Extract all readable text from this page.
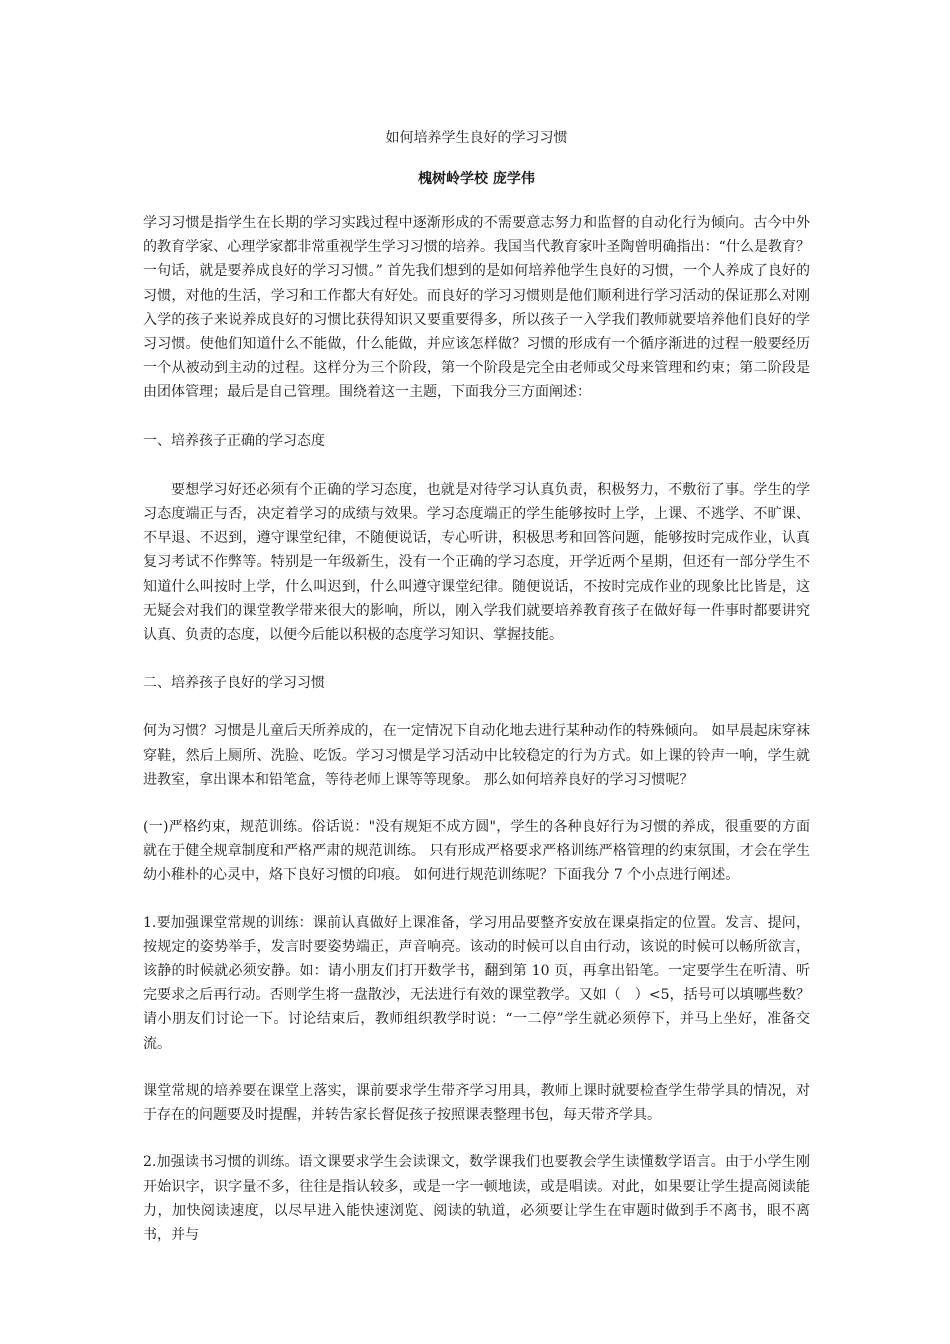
如何培养学生良好的学习习惯

槐树岭学校 庞学伟

学习习惯是指学生在长期的学习实践过程中逐渐形成的不需要意志努力和监督的自动化行为倾向。古今中外的教育学家、心理学家都非常重视学生学习习惯的培养。我国当代教育家叶圣陶曾明确指出：“什么是教育？一句话，就是要养成良好的学习习惯。” 首先我们想到的是如何培养他学生良好的习惯，一个人养成了良好的习惯，对他的生活，学习和工作都大有好处。而良好的学习习惯则是他们顺利进行学习活动的保证那么对刚入学的孩子来说养成良好的习惯比获得知识又要重要得多，所以孩子一入学我们教师就要培养他们良好的学习习惯。使他们知道什么不能做，什么能做，并应该怎样做？习惯的形成有一个循序渐进的过程一般要经历一个从被动到主动的过程。这样分为三个阶段，第一个阶段是完全由老师或父母来管理和约束；第二阶段是由团体管理；最后是自己管理。围绕着这一主题，下面我分三方面阐述：

一、培养孩子正确的学习态度

要想学习好还必须有个正确的学习态度，也就是对待学习认真负责，积极努力，不敷衍了事。学生的学习态度端正与否，决定着学习的成绩与效果。学习态度端正的学生能够按时上学，上课、不逃学、不旷课、不早退、不迟到，遵守课堂纪律，不随便说话，专心听讲，积极思考和回答问题，能够按时完成作业，认真复习考试不作弊等。特别是一年级新生，没有一个正确的学习态度，开学近两个星期，但还有一部分学生不知道什么叫按时上学，什么叫迟到，什么叫遵守课堂纪律。随便说话，不按时完成作业的现象比比皆是，这无疑会对我们的课堂教学带来很大的影响，所以，刚入学我们就要培养教育孩子在做好每一件事时都要讲究认真、负责的态度，以便今后能以积极的态度学习知识、掌握技能。

二、培养孩子良好的学习习惯

何为习惯？习惯是儿童后天所养成的，在一定情况下自动化地去进行某种动作的特殊倾向。 如早晨起床穿袜穿鞋，然后上厕所、洗脸、吃饭。学习习惯是学习活动中比较稳定的行为方式。如上课的铃声一响，学生就进教室，拿出课本和铅笔盒，等待老师上课等等现象。 那么如何培养良好的学习习惯呢？

(一)严格约束，规范训练。俗话说："没有规矩不成方圆"，学生的各种良好行为习惯的养成，很重要的方面就在于健全规章制度和严格严肃的规范训练。 只有形成严格要求严格训练严格管理的约束氛围，才会在学生幼小稚朴的心灵中，烙下良好习惯的印痕。 如何进行规范训练呢？下面我分 7 个小点进行阐述。

1.要加强课堂常规的训练：课前认真做好上课准备，学习用品要整齐安放在课桌指定的位置。发言、提问，按规定的姿势举手，发言时要姿势端正，声音响亮。该动的时候可以自由行动，该说的时候可以畅所欲言，该静的时候就必须安静。如：请小朋友们打开数学书，翻到第 10 页，再拿出铅笔。一定要学生在听清、听完要求之后再行动。否则学生将一盘散沙，无法进行有效的课堂教学。又如（　）<5，括号可以填哪些数？请小朋友们讨论一下。讨论结束后，教师组织教学时说：“一二停”学生就必须停下，并马上坐好，准备交流。

课堂常规的培养要在课堂上落实，课前要求学生带齐学习用具，教师上课时就要检查学生带学具的情况，对于存在的问题要及时提醒，并转告家长督促孩子按照课表整理书包，每天带齐学具。

2.加强读书习惯的训练。语文课要求学生会读课文，数学课我们也要教会学生读懂数学语言。由于小学生刚开始识字，识字量不多，往往是指认较多，或是一字一顿地读，或是唱读。对此，如果要让学生提高阅读能力，加快阅读速度，以尽早进入能快速浏览、阅读的轨道，必须要让学生在审题时做到手不离书，眼不离书，并与
